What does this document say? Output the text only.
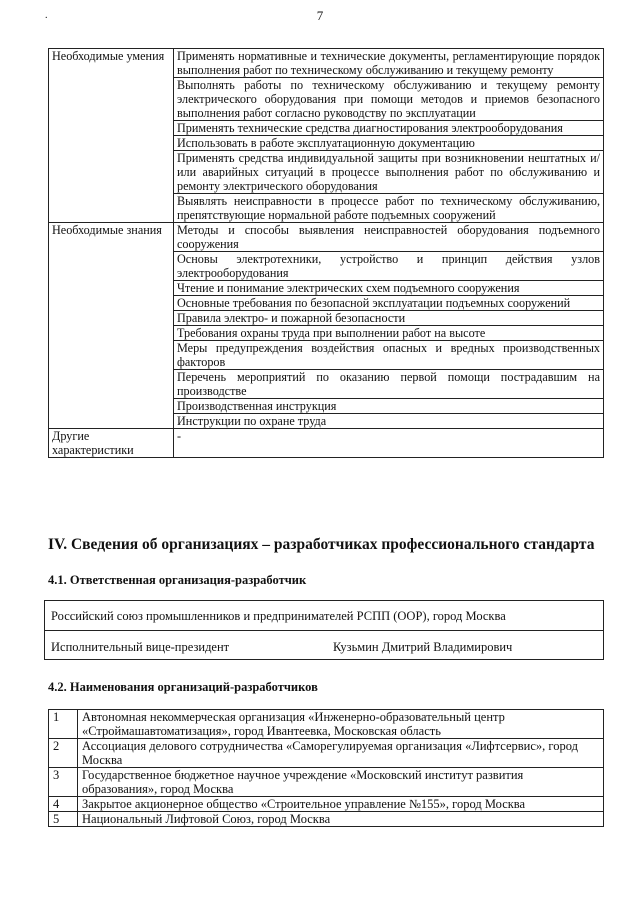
.	7
Необходимые умения	Применять нормативные и технические документы, регламентирующие порядок выполнения работ по техническому обслуживанию и текущему ремонту
	Выполнять работы по техническому обслуживанию и текущему ремонту электрического оборудования при помощи методов и приемов безопасного выполнения работ согласно руководству по эксплуатации
	Применять технические средства диагностирования электрооборудования
	Использовать в работе эксплуатационную документацию
	Применять средства индивидуальной защиты при возникновении нештатных и/или аварийных ситуаций в процессе выполнения работ по обслуживанию и ремонту электрического оборудования
	Выявлять неисправности в процессе работ по техническому обслуживанию, препятствующие нормальной работе подъемных сооружений
Необходимые знания	Методы и способы выявления неисправностей оборудования подъемного сооружения
	Основы электротехники, устройство и принцип действия узлов электрооборудования
	Чтение и понимание электрических схем подъемного сооружения
	Основные требования по безопасной эксплуатации подъемных сооружений
	Правила электро- и пожарной безопасности
	Требования охраны труда при выполнении работ на высоте
	Меры предупреждения воздействия опасных и вредных производственных факторов
	Перечень мероприятий по оказанию первой помощи пострадавшим на производстве
	Производственная инструкция
	Инструкции по охране труда
Другие характеристики	-
IV. Сведения об организациях – разработчиках профессионального стандарта

4.1. Ответственная организация-разработчик

Российский союз промышленников и предпринимателей РСПП (ООР), город Москва
Исполнительный вице-президент	Кузьмин Дмитрий Владимирович

4.2. Наименования организаций-разработчиков

1	Автономная некоммерческая организация «Инженерно-образовательный центр «Строймашавтоматизация», город Ивантеевка, Московская область
2	Ассоциация делового сотрудничества «Саморегулируемая организация «Лифтсервис», город Москва
3	Государственное бюджетное научное учреждение «Московский институт развития образования», город Москва
4	Закрытое акционерное общество «Строительное управление №155», город Москва
5	Национальный Лифтовой Союз, город Москва
